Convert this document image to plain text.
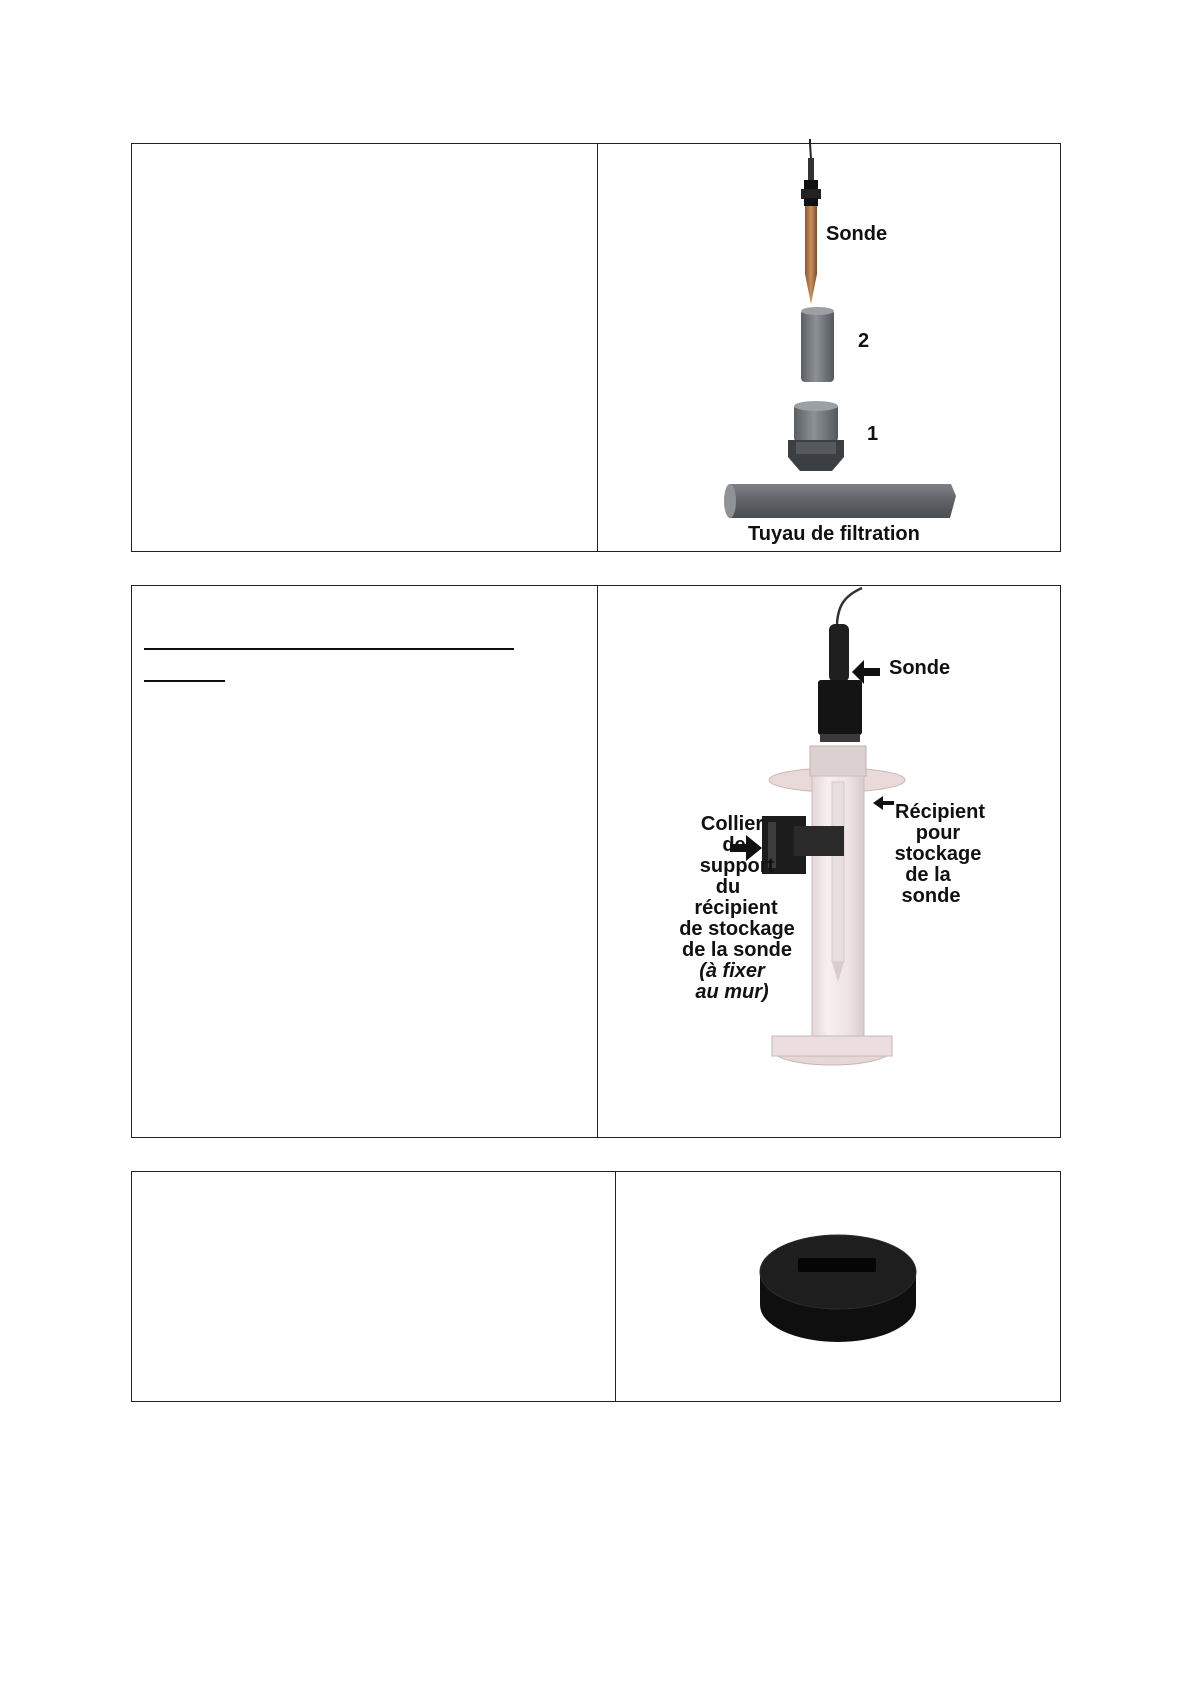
Sonde
2
1
Tuyau de filtration
Sonde
Récipient
pour
stockage
de la
sonde
Collier
de
support
du
récipient
de stockage
de la sonde
(à fixer
au mur)
